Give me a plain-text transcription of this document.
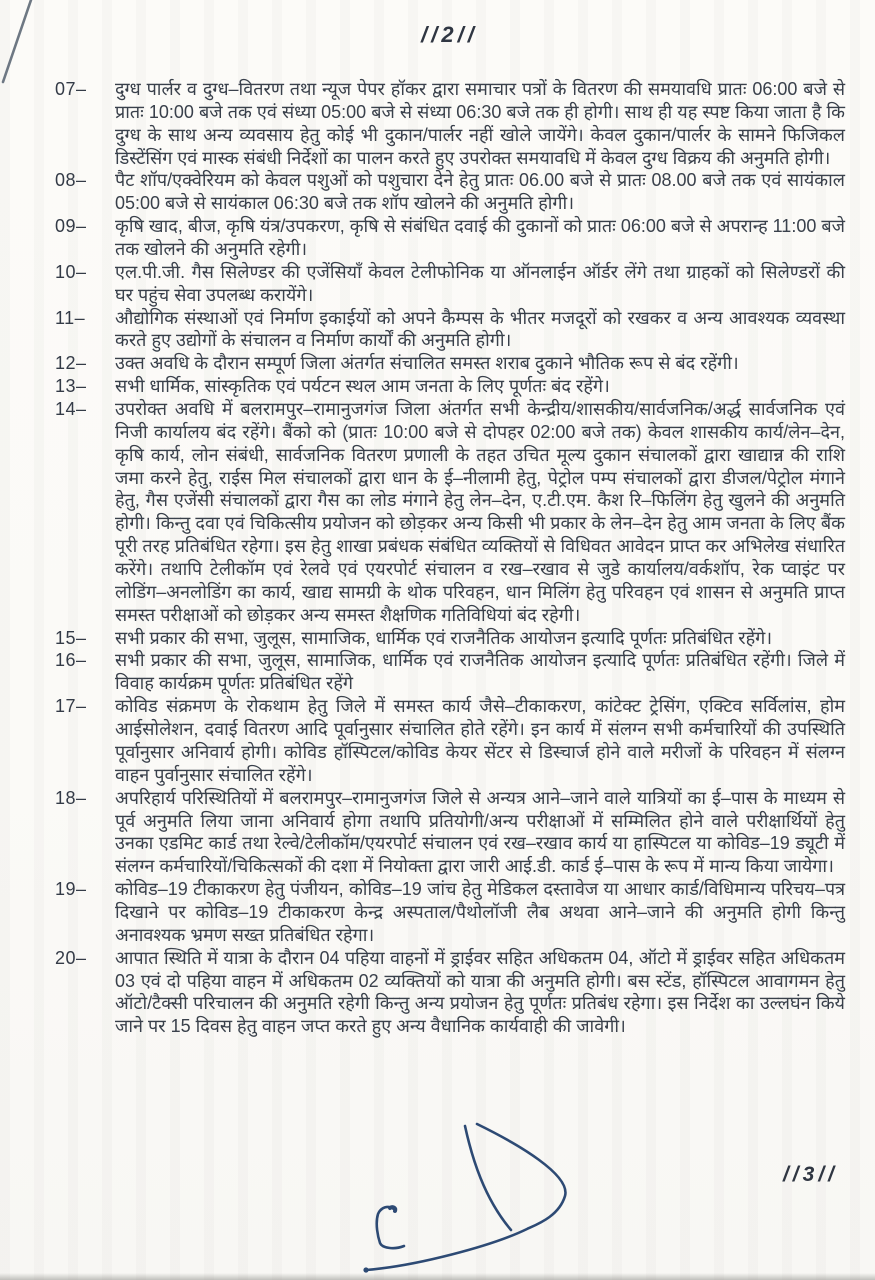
//2//
07–	दुग्ध पार्लर व दुग्ध–वितरण तथा न्यूज पेपर हॉकर द्वारा समाचार पत्रों के वितरण की समयावधि प्रातः 06:00 बजे से प्रातः 10:00 बजे तक एवं संध्या 05:00 बजे से संध्या 06:30 बजे तक ही होगी। साथ ही यह स्पष्ट किया जाता है कि दुग्ध के साथ अन्य व्यवसाय हेतु कोई भी दुकान/पार्लर नहीं खोले जायेंगे। केवल दुकान/पार्लर के सामने फिजिकल डिस्टेंसिंग एवं मास्क संबंधी निर्देशों का पालन करते हुए उपरोक्त समयावधि में केवल दुग्ध विक्रय की अनुमति होगी।
08–	पैट शॉप/एक्वेरियम को केवल पशुओं को पशुचारा देने हेतु प्रातः 06.00 बजे से प्रातः 08.00 बजे तक एवं सायंकाल 05:00 बजे से सायंकाल 06:30 बजे तक शॉप खोलने की अनुमति होगी।
09–	कृषि खाद, बीज, कृषि यंत्र/उपकरण, कृषि से संबंधित दवाई की दुकानों को प्रातः 06:00 बजे से अपरान्ह 11:00 बजे तक खोलने की अनुमति रहेगी।
10–	एल.पी.जी. गैस सिलेण्डर की एजेंसियाँ केवल टेलीफोनिक या ऑनलाईन ऑर्डर लेंगे तथा ग्राहकों को सिलेण्डरों की घर पहुंच सेवा उपलब्ध करायेंगे।
11–	औद्योगिक संस्थाओं एवं निर्माण इकाईयों को अपने कैम्पस के भीतर मजदूरों को रखकर व अन्य आवश्यक व्यवस्था करते हुए उद्योगों के संचालन व निर्माण कार्यों की अनुमति होगी।
12–	उक्त अवधि के दौरान सम्पूर्ण जिला अंतर्गत संचालित समस्त शराब दुकाने भौतिक रूप से बंद रहेंगी।
13–	सभी धार्मिक, सांस्कृतिक एवं पर्यटन स्थल आम जनता के लिए पूर्णतः बंद रहेंगे।
14–	उपरोक्त अवधि में बलरामपुर–रामानुजगंज जिला अंतर्गत सभी केन्द्रीय/शासकीय/सार्वजनिक/अर्द्ध सार्वजनिक एवं निजी कार्यालय बंद रहेंगे। बैंको को (प्रातः 10:00 बजे से दोपहर 02:00 बजे तक) केवल शासकीय कार्य/लेन–देन, कृषि कार्य, लोन संबंधी, सार्वजनिक वितरण प्रणाली के तहत उचित मूल्य दुकान संचालकों द्वारा खाद्यान्न की राशि जमा करने हेतु, राईस मिल संचालकों द्वारा धान के ई–नीलामी हेतु, पेट्रोल पम्प संचालकों द्वारा डीजल/पेट्रोल मंगाने हेतु, गैस एजेंसी संचालकों द्वारा गैस का लोड मंगाने हेतु लेन–देन, ए.टी.एम. कैश रि–फिलिंग हेतु खुलने की अनुमति होगी। किन्तु दवा एवं चिकित्सीय प्रयोजन को छोड़कर अन्य किसी भी प्रकार के लेन–देन हेतु आम जनता के लिए बैंक पूरी तरह प्रतिबंधित रहेगा। इस हेतु शाखा प्रबंधक संबंधित व्यक्तियों से विधिवत आवेदन प्राप्त कर अभिलेख संधारित करेंगे। तथापि टेलीकॉम एवं रेलवे एवं एयरपोर्ट संचालन व रख–रखाव से जुडे कार्यालय/वर्कशॉप, रेक प्वाइंट पर लोडिंग–अनलोडिंग का कार्य, खाद्य सामग्री के थोक परिवहन, धान मिलिंग हेतु परिवहन एवं शासन से अनुमति प्राप्त समस्त परीक्षाओं को छोड़कर अन्य समस्त शैक्षणिक गतिविधियां बंद रहेगी।
15–	सभी प्रकार की सभा, जुलूस, सामाजिक, धार्मिक एवं राजनैतिक आयोजन इत्यादि पूर्णतः प्रतिबंधित रहेंगे।
16–	सभी प्रकार की सभा, जुलूस, सामाजिक, धार्मिक एवं राजनैतिक आयोजन इत्यादि पूर्णतः प्रतिबंधित रहेंगी। जिले में विवाह कार्यक्रम पूर्णतः प्रतिबंधित रहेंगे
17–	कोविड संक्रमण के रोकथाम हेतु जिले में समस्त कार्य जैसे–टीकाकरण, कांटेक्ट ट्रेसिंग, एक्टिव सर्विलांस, होम आईसोलेशन, दवाई वितरण आदि पूर्वानुसार संचालित होते रहेंगे। इन कार्य में संलग्न सभी कर्मचारियों की उपस्थिति पूर्वानुसार अनिवार्य होगी। कोविड हॉस्पिटल/कोविड केयर सेंटर से डिस्चार्ज होने वाले मरीजों के परिवहन में संलग्न वाहन पुर्वानुसार संचालित रहेंगे।
18–	अपरिहार्य परिस्थितियों में बलरामपुर–रामानुजगंज जिले से अन्यत्र आने–जाने वाले यात्रियों का ई–पास के माध्यम से पूर्व अनुमति लिया जाना अनिवार्य होगा तथापि प्रतियोगी/अन्य परीक्षाओं में सम्मिलित होने वाले परीक्षार्थियों हेतु उनका एडमिट कार्ड तथा रेल्वे/टेलीकॉम/एयरपोर्ट संचालन एवं रख–रखाव कार्य या हास्पिटल या कोविड–19 ड्यूटी में संलग्न कर्मचारियों/चिकित्सकों की दशा में नियोक्ता द्वारा जारी आई.डी. कार्ड ई–पास के रूप में मान्य किया जायेगा।
19–	कोविड–19 टीकाकरण हेतु पंजीयन, कोविड–19 जांच हेतु मेडिकल दस्तावेज या आधार कार्ड/विधिमान्य परिचय–पत्र दिखाने पर कोविड–19 टीकाकरण केन्द्र अस्पताल/पैथोलॉजी लैब अथवा आने–जाने की अनुमति होगी किन्तु अनावश्यक भ्रमण सख्त प्रतिबंधित रहेगा।
20–	आपात स्थिति में यात्रा के दौरान 04 पहिया वाहनों में ड्राईवर सहित अधिकतम 04, ऑटो में ड्राईवर सहित अधिकतम 03 एवं दो पहिया वाहन में अधिकतम 02 व्यक्तियों को यात्रा की अनुमति होगी। बस स्टेंड, हॉस्पिटल आवागमन हेतु ऑटो/टैक्सी परिचालन की अनुमति रहेगी किन्तु अन्य प्रयोजन हेतु पूर्णतः प्रतिबंध रहेगा। इस निर्देश का उल्लघंन किये जाने पर 15 दिवस हेतु वाहन जप्त करते हुए अन्य वैधानिक कार्यवाही की जावेगी।
//3//
